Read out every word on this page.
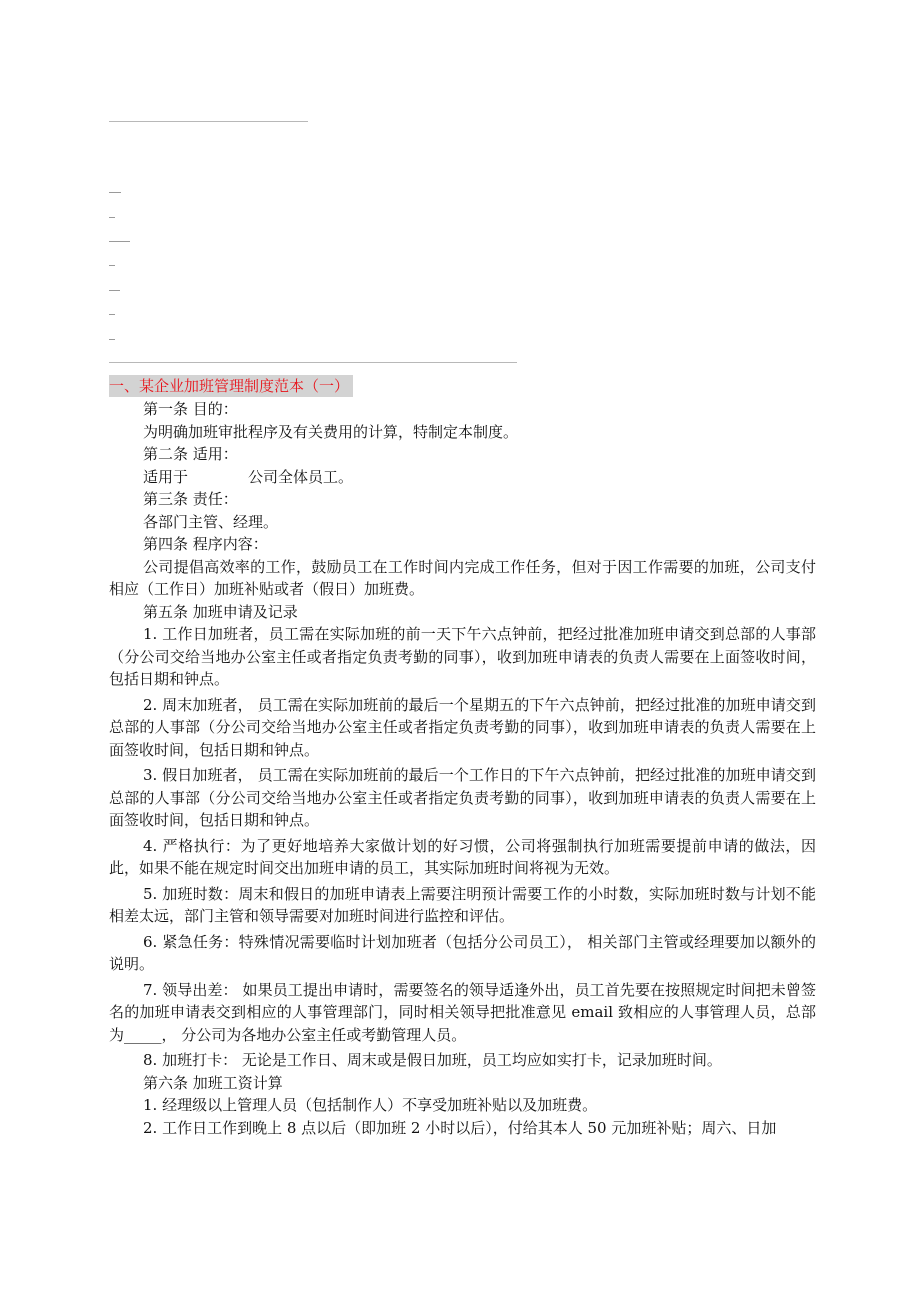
一、某企业加班管理制度范本（一）

第一条 目的：

为明确加班审批程序及有关费用的计算，特制定本制度。

第二条 适用：

适用于	公司全体员工。

第三条 责任：

各部门主管、经理。

第四条 程序内容：

公司提倡高效率的工作，鼓励员工在工作时间内完成工作任务，但对于因工作需要的加班，公司支付相应（工作日）加班补贴或者（假日）加班费。

第五条 加班申请及记录

1. 工作日加班者，员工需在实际加班的前一天下午六点钟前，把经过批准加班申请交到总部的人事部（分公司交给当地办公室主任或者指定负责考勤的同事），收到加班申请表的负责人需要在上面签收时间，包括日期和钟点。

2. 周末加班者， 员工需在实际加班前的最后一个星期五的下午六点钟前，把经过批准的加班申请交到总部的人事部（分公司交给当地办公室主任或者指定负责考勤的同事），收到加班申请表的负责人需要在上面签收时间，包括日期和钟点。

3. 假日加班者， 员工需在实际加班前的最后一个工作日的下午六点钟前，把经过批准的加班申请交到总部的人事部（分公司交给当地办公室主任或者指定负责考勤的同事），收到加班申请表的负责人需要在上面签收时间，包括日期和钟点。

4. 严格执行：为了更好地培养大家做计划的好习惯，公司将强制执行加班需要提前申请的做法，因此，如果不能在规定时间交出加班申请的员工，其实际加班时间将视为无效。

5. 加班时数：周末和假日的加班申请表上需要注明预计需要工作的小时数，实际加班时数与计划不能相差太远，部门主管和领导需要对加班时间进行监控和评估。

6. 紧急任务：特殊情况需要临时计划加班者（包括分公司员工）， 相关部门主管或经理要加以额外的说明。

7. 领导出差： 如果员工提出申请时，需要签名的领导适逢外出，员工首先要在按照规定时间把未曾签名的加班申请表交到相应的人事管理部门，同时相关领导把批准意见 email 致相应的人事管理人员，总部为_____， 分公司为各地办公室主任或考勤管理人员。

8. 加班打卡： 无论是工作日、周末或是假日加班，员工均应如实打卡，记录加班时间。

第六条 加班工资计算

1. 经理级以上管理人员（包括制作人）不享受加班补贴以及加班费。

2. 工作日工作到晚上 8 点以后（即加班 2 小时以后），付给其本人 50 元加班补贴；周六、日加
